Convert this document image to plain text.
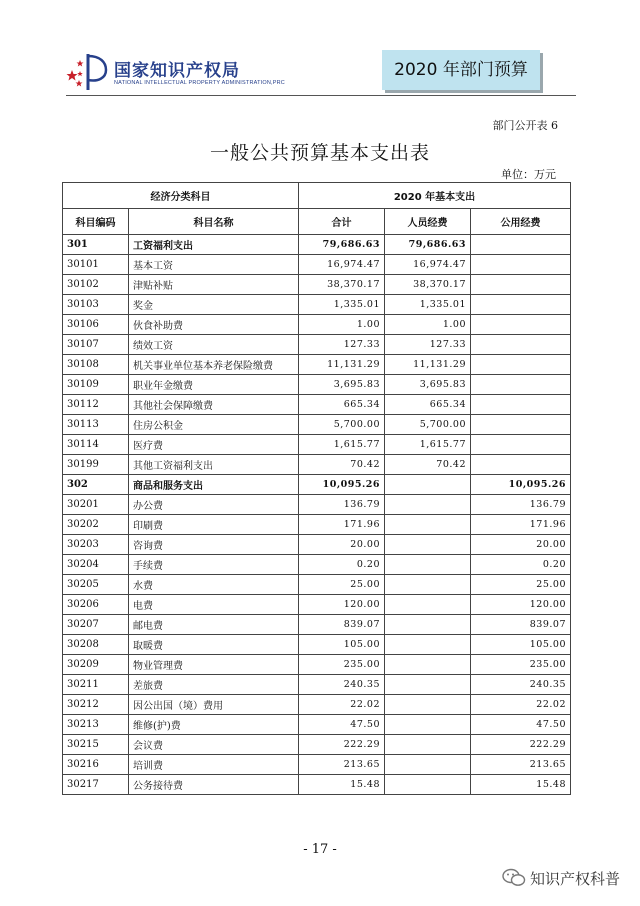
国家知识产权局
NATIONAL INTELLECTUAL PROPERTY ADMINISTRATION,PRC
2020 年部门预算
部门公开表 6
一般公共预算基本支出表
单位：万元
经济分类科目		2020 年基本支出		
科目编码	科目名称	合计	人员经费	公用经费
301	工资福利支出	79,686.63	79,686.63	
30101	基本工资	16,974.47	16,974.47	
30102	津贴补贴	38,370.17	38,370.17	
30103	奖金	1,335.01	1,335.01	
30106	伙食补助费	1.00	1.00	
30107	绩效工资	127.33	127.33	
30108	机关事业单位基本养老保险缴费	11,131.29	11,131.29	
30109	职业年金缴费	3,695.83	3,695.83	
30112	其他社会保障缴费	665.34	665.34	
30113	住房公积金	5,700.00	5,700.00	
30114	医疗费	1,615.77	1,615.77	
30199	其他工资福利支出	70.42	70.42	
302	商品和服务支出	10,095.26		10,095.26
30201	办公费	136.79		136.79
30202	印刷费	171.96		171.96
30203	咨询费	20.00		20.00
30204	手续费	0.20		0.20
30205	水费	25.00		25.00
30206	电费	120.00		120.00
30207	邮电费	839.07		839.07
30208	取暖费	105.00		105.00
30209	物业管理费	235.00		235.00
30211	差旅费	240.35		240.35
30212	因公出国（境）费用	22.02		22.02
30213	维修(护)费	47.50		47.50
30215	会议费	222.29		222.29
30216	培训费	213.65		213.65
30217	公务接待费	15.48		15.48
- 17 -
知识产权科普
